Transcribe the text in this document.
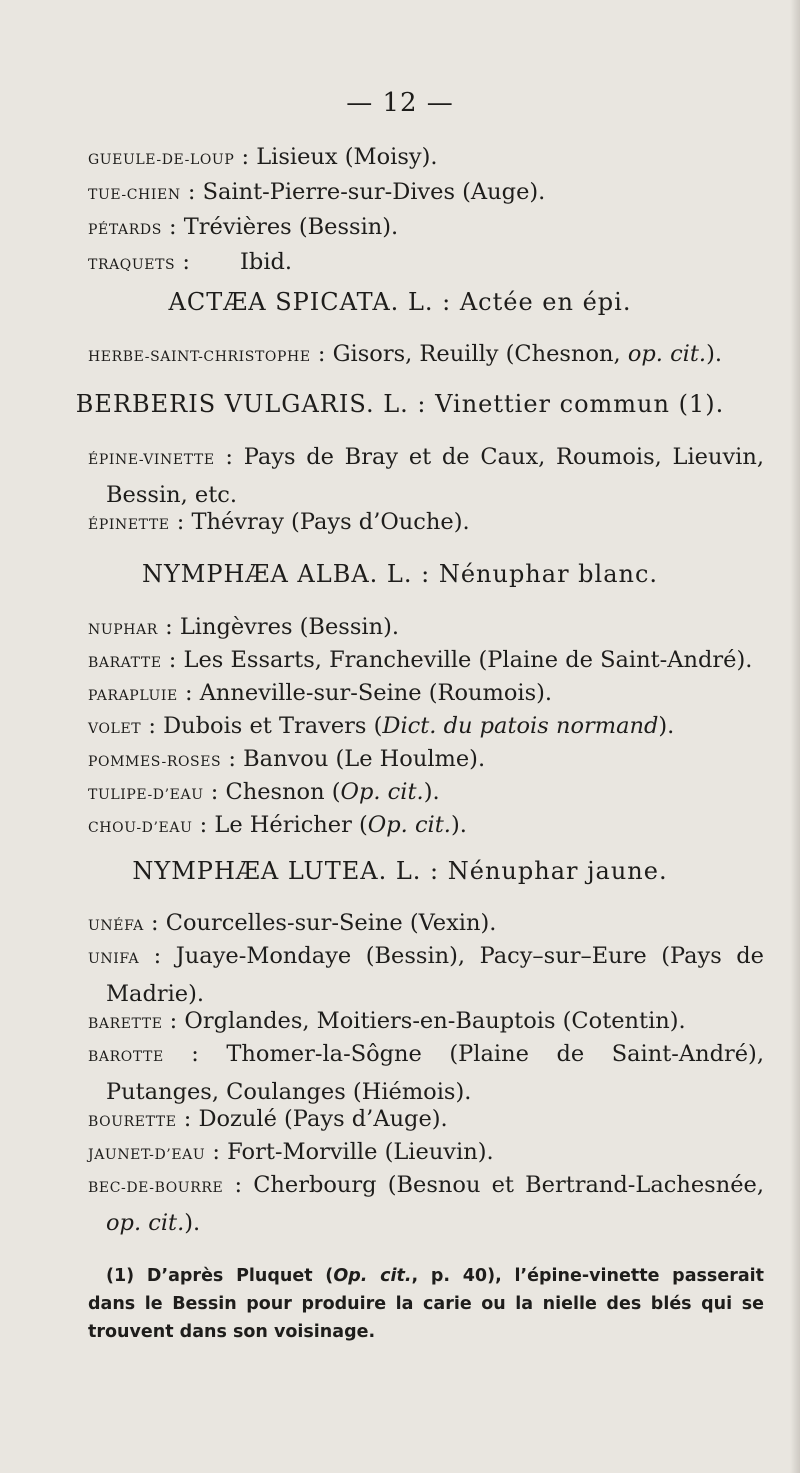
— 12 —
GUEULE-DE-LOUP : Lisieux (Moisy).
TUE-CHIEN : Saint-Pierre-sur-Dives (Auge).
PÉTARDS : Trévières (Bessin).
TRAQUETS :       Ibid.
ACTÆA SPICATA. L. : Actée en épi.
HERBE-SAINT-CHRISTOPHE : Gisors, Reuilly (Chesnon, op. cit.).
BERBERIS VULGARIS. L. : Vinettier commun (1).
ÉPINE-VINETTE : Pays de Bray et de Caux, Roumois, Lieuvin, Bessin, etc.
ÉPINETTE : Thévray (Pays d’Ouche).
NYMPHÆA ALBA. L. : Nénuphar blanc.
NUPHAR : Lingèvres (Bessin).
BARATTE : Les Essarts, Francheville (Plaine de Saint-André).
PARAPLUIE : Anneville-sur-Seine (Roumois).
VOLET : Dubois et Travers (Dict. du patois normand).
POMMES-ROSES : Banvou (Le Houlme).
TULIPE-D’EAU : Chesnon (Op. cit.).
CHOU-D’EAU : Le Héricher (Op. cit.).
NYMPHÆA LUTEA. L. : Nénuphar jaune.
UNÉFA : Courcelles-sur-Seine (Vexin).
UNIFA : Juaye-Mondaye (Bessin), Pacy–sur–Eure (Pays de Madrie).
BARETTE : Orglandes, Moitiers-en-Bauptois (Cotentin).
BAROTTE : Thomer-la-Sôgne (Plaine de Saint-André), Putanges, Coulanges (Hiémois).
BOURETTE : Dozulé (Pays d’Auge).
JAUNET-D’EAU : Fort-Morville (Lieuvin).
BEC-DE-BOURRE : Cherbourg (Besnou et Bertrand-Lachesnée, op. cit.).
(1) D’après Pluquet (Op. cit., p. 40), l’épine-vinette passerait dans le Bessin pour produire la carie ou la nielle des blés qui se trouvent dans son voisinage.
